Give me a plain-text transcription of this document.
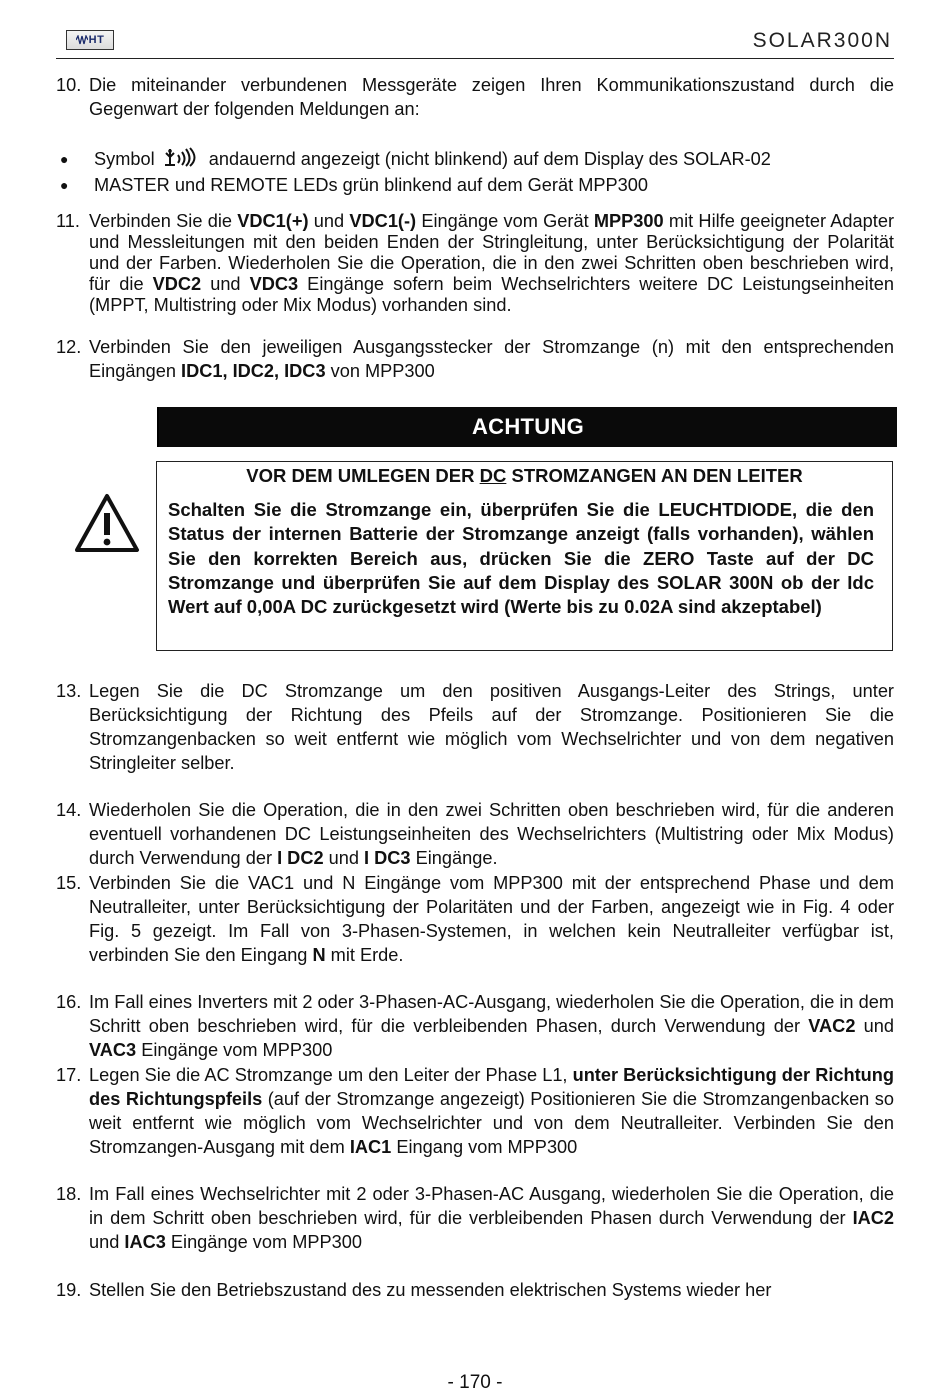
HT	SOLAR300N
10. Die miteinander verbundenen Messgeräte zeigen Ihren Kommunikationszustand durch die Gegenwart der folgenden Meldungen an:
● Symbol	andauernd angezeigt (nicht blinkend) auf dem Display des SOLAR-02
● MASTER und REMOTE LEDs grün blinkend auf dem Gerät MPP300
11. Verbinden Sie die VDC1(+) und VDC1(-) Eingänge vom Gerät MPP300 mit Hilfe geeigneter Adapter und Messleitungen mit den beiden Enden der Stringleitung, unter Berücksichtigung der Polarität und der Farben. Wiederholen Sie die Operation, die in den zwei Schritten oben beschrieben wird, für die VDC2 und VDC3 Eingänge sofern beim Wechselrichters weitere DC Leistungseinheiten (MPPT, Multistring oder Mix Modus) vorhanden sind.
12. Verbinden Sie den jeweiligen Ausgangsstecker der Stromzange (n) mit den entsprechenden Eingängen IDC1, IDC2, IDC3 von MPP300
ACHTUNG
VOR DEM UMLEGEN DER DC STROMZANGEN AN DEN LEITER
Schalten Sie die Stromzange ein, überprüfen Sie die LEUCHTDIODE, die den Status der internen Batterie der Stromzange anzeigt (falls vorhanden), wählen Sie den korrekten Bereich aus, drücken Sie die ZERO Taste auf der DC Stromzange und überprüfen Sie auf dem Display des SOLAR 300N ob der Idc Wert auf 0,00A DC zurückgesetzt wird (Werte bis zu 0.02A sind akzeptabel)
13. Legen Sie die DC Stromzange um den positiven Ausgangs-Leiter des Strings, unter Berücksichtigung der Richtung des Pfeils auf der Stromzange. Positionieren Sie die Stromzangenbacken so weit entfernt wie möglich vom Wechselrichter und von dem negativen Stringleiter selber.
14. Wiederholen Sie die Operation, die in den zwei Schritten oben beschrieben wird, für die anderen eventuell vorhandenen DC Leistungseinheiten des Wechselrichters (Multistring oder Mix Modus) durch Verwendung der I DC2 und I DC3 Eingänge.
15. Verbinden Sie die VAC1 und N Eingänge vom MPP300 mit der entsprechend Phase und dem Neutralleiter, unter Berücksichtigung der Polaritäten und der Farben, angezeigt wie in Fig. 4 oder Fig. 5 gezeigt. Im Fall von 3-Phasen-Systemen, in welchen kein Neutralleiter verfügbar ist, verbinden Sie den Eingang N mit Erde.
16. Im Fall eines Inverters mit 2 oder 3-Phasen-AC-Ausgang, wiederholen Sie die Operation, die in dem Schritt oben beschrieben wird, für die verbleibenden Phasen, durch Verwendung der VAC2 und VAC3 Eingänge vom MPP300
17. Legen Sie die AC Stromzange um den Leiter der Phase L1, unter Berücksichtigung der Richtung des Richtungspfeils (auf der Stromzange angezeigt) Positionieren Sie die Stromzangenbacken so weit entfernt wie möglich vom Wechselrichter und von dem Neutralleiter. Verbinden Sie den Stromzangen-Ausgang mit dem IAC1 Eingang vom MPP300
18. Im Fall eines Wechselrichter mit 2 oder 3-Phasen-AC Ausgang, wiederholen Sie die Operation, die in dem Schritt oben beschrieben wird, für die verbleibenden Phasen durch Verwendung der IAC2 und IAC3 Eingänge vom MPP300
19. Stellen Sie den Betriebszustand des zu messenden elektrischen Systems wieder her
- 170 -
